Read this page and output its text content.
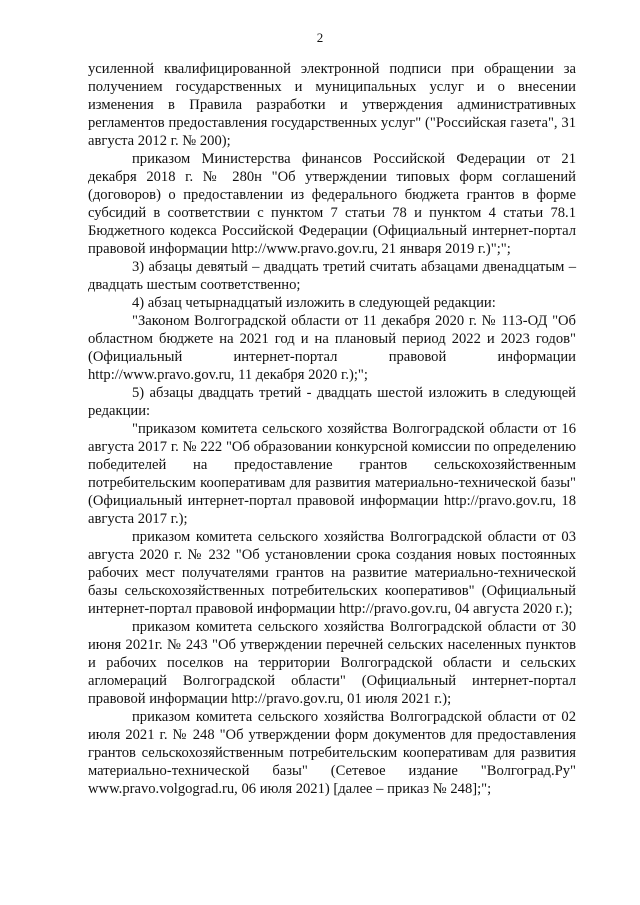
2

усиленной квалифицированной электронной подписи при обращении за получением государственных и муниципальных услуг и о внесении изменения в Правила разработки и утверждения административных регламентов предоставления государственных услуг" ("Российская газета", 31 августа 2012 г. № 200);

приказом Министерства финансов Российской Федерации от 21 декабря 2018 г. № 280н "Об утверждении типовых форм соглашений (договоров) о предоставлении из федерального бюджета грантов в форме субсидий в соответствии с пунктом 7 статьи 78 и пунктом 4 статьи 78.1 Бюджетного кодекса Российской Федерации (Официальный интернет-портал правовой информации http://www.pravo.gov.ru, 21 января 2019 г.)";";

3) абзацы девятый – двадцать третий считать абзацами двенадцатым – двадцать шестым соответственно;

4) абзац четырнадцатый изложить в следующей редакции:

"Законом Волгоградской области от 11 декабря 2020 г. № 113-ОД "Об областном бюджете на 2021 год и на плановый период 2022 и 2023 годов" (Официальный интернет-портал правовой информации http://www.pravo.gov.ru, 11 декабря 2020 г.);";

5) абзацы двадцать третий - двадцать шестой изложить в следующей редакции:

"приказом комитета сельского хозяйства Волгоградской области от 16 августа 2017 г. № 222 "Об образовании конкурсной комиссии по определению победителей на предоставление грантов сельскохозяйственным потребительским кооперативам для развития материально-технической базы" (Официальный интернет-портал правовой информации http://pravo.gov.ru, 18 августа 2017 г.);

приказом комитета сельского хозяйства Волгоградской области от 03 августа 2020 г. № 232 "Об установлении срока создания новых постоянных рабочих мест получателями грантов на развитие материально-технической базы сельскохозяйственных потребительских кооперативов" (Официальный интернет-портал правовой информации http://pravo.gov.ru, 04 августа 2020 г.);

приказом комитета сельского хозяйства Волгоградской области от 30 июня 2021г. № 243 "Об утверждении перечней сельских населенных пунктов и рабочих поселков на территории Волгоградской области и сельских агломераций Волгоградской области" (Официальный интернет-портал правовой информации http://pravo.gov.ru, 01 июля 2021 г.);

приказом комитета сельского хозяйства Волгоградской области от 02 июля 2021 г. № 248 "Об утверждении форм документов для предоставления грантов сельскохозяйственным потребительским кооперативам для развития материально-технической базы" (Сетевое издание "Волгоград.Ру" www.pravo.volgograd.ru, 06 июля 2021) [далее – приказ № 248];";
